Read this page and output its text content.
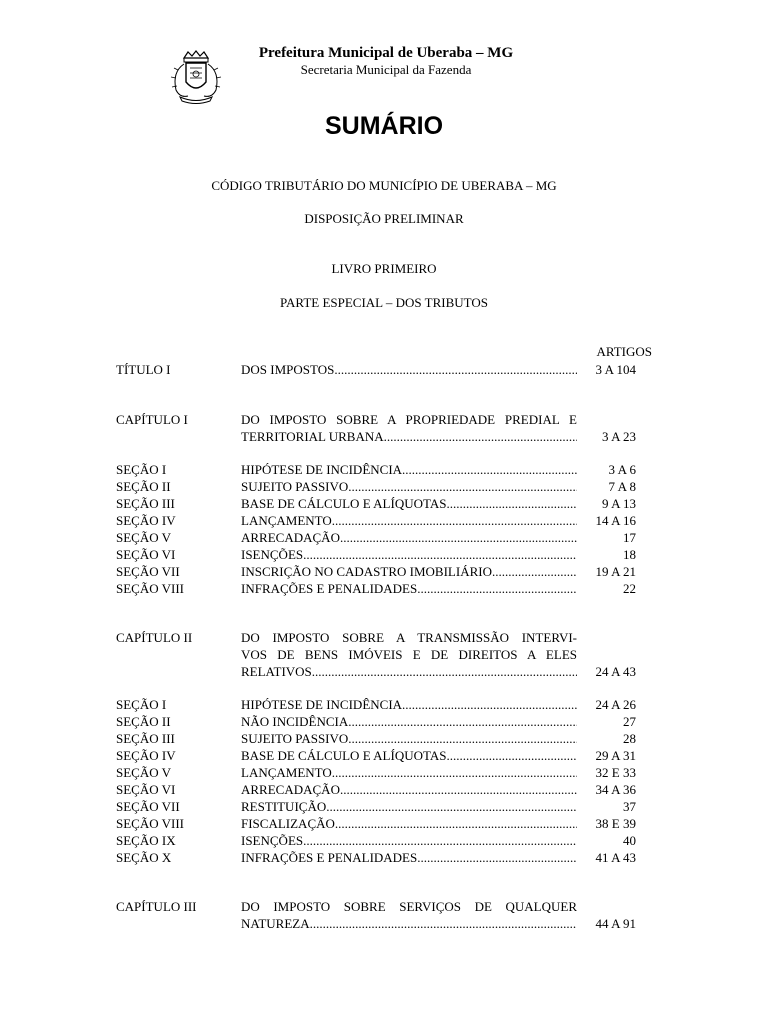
Prefeitura Municipal de Uberaba – MG
Secretaria Municipal da Fazenda
SUMÁRIO
CÓDIGO TRIBUTÁRIO DO MUNICÍPIO DE UBERABA – MG
DISPOSIÇÃO PRELIMINAR
LIVRO PRIMEIRO
PARTE ESPECIAL – DOS TRIBUTOS
ARTIGOS
TÍTULO I	DOS IMPOSTOS .....	3 A 104
CAPÍTULO I	DO IMPOSTO SOBRE A PROPRIEDADE PREDIAL E
TERRITORIAL URBANA .....	3 A 23
SEÇÃO I	HIPÓTESE DE INCIDÊNCIA .....	3 A 6
SEÇÃO II	SUJEITO PASSIVO .....	7 A 8
SEÇÃO III	BASE DE CÁLCULO E ALÍQUOTAS .....	9 A 13
SEÇÃO IV	LANÇAMENTO .....	14 A 16
SEÇÃO V	ARRECADAÇÃO .....	17
SEÇÃO VI	ISENÇÕES .....	18
SEÇÃO VII	INSCRIÇÃO NO CADASTRO IMOBILIÁRIO .....	19 A 21
SEÇÃO VIII	INFRAÇÕES E PENALIDADES .....	22
CAPÍTULO II	DO IMPOSTO SOBRE A TRANSMISSÃO INTERVI-
VOS DE BENS IMÓVEIS E DE DIREITOS A ELES
RELATIVOS .....	24 A 43
SEÇÃO I	HIPÓTESE DE INCIDÊNCIA .....	24 A 26
SEÇÃO II	NÃO INCIDÊNCIA .....	27
SEÇÃO III	SUJEITO PASSIVO .....	28
SEÇÃO IV	BASE DE CÁLCULO E ALÍQUOTAS .....	29 A 31
SEÇÃO V	LANÇAMENTO .....	32 E 33
SEÇÃO VI	ARRECADAÇÃO .....	34 A 36
SEÇÃO VII	RESTITUIÇÃO .....	37
SEÇÃO VIII	FISCALIZAÇÃO .....	38 E 39
SEÇÃO IX	ISENÇÕES .....	40
SEÇÃO X	INFRAÇÕES E PENALIDADES .....	41 A 43
CAPÍTULO III	DO IMPOSTO SOBRE SERVIÇOS DE QUALQUER
NATUREZA .....	44 A 91
